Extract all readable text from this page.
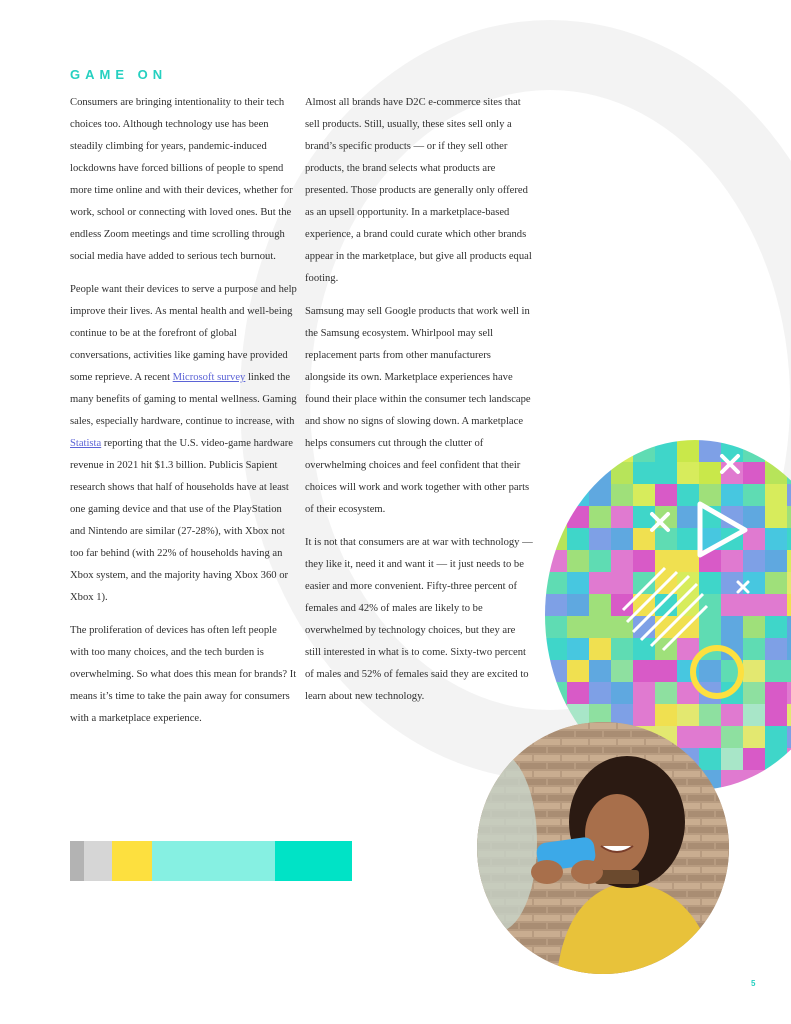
GAME ON

Consumers are bringing intentionality to their tech choices too. Although technology use has been steadily climbing for years, pandemic-induced lockdowns have forced billions of people to spend more time online and with their devices, whether for work, school or connecting with loved ones. But the endless Zoom meetings and time scrolling through social media have added to serious tech burnout.

People want their devices to serve a purpose and help improve their lives. As mental health and well-being continue to be at the forefront of global conversations, activities like gaming have provided some reprieve. A recent Microsoft survey linked the many benefits of gaming to mental wellness. Gaming sales, especially hardware, continue to increase, with Statista reporting that the U.S. video-game hardware revenue in 2021 hit $1.3 billion. Publicis Sapient research shows that half of households have at least one gaming device and that use of the PlayStation and Nintendo are similar (27-28%), with Xbox not too far behind (with 22% of households having an Xbox system, and the majority having Xbox 360 or Xbox 1).

The proliferation of devices has often left people with too many choices, and the tech burden is overwhelming. So what does this mean for brands? It means it’s time to take the pain away for consumers with a marketplace experience.

Almost all brands have D2C e-commerce sites that sell products. Still, usually, these sites sell only a brand’s specific products — or if they sell other products, the brand selects what products are presented. Those products are generally only offered as an upsell opportunity. In a marketplace-based experience, a brand could curate which other brands appear in the marketplace, but give all products equal footing.

Samsung may sell Google products that work well in the Samsung ecosystem. Whirlpool may sell replacement parts from other manufacturers alongside its own. Marketplace experiences have found their place within the consumer tech landscape and show no signs of slowing down. A marketplace helps consumers cut through the clutter of overwhelming choices and feel confident that their choices will work and work together with other parts of their ecosystem.

It is not that consumers are at war with technology — they like it, need it and want it — it just needs to be easier and more convenient. Fifty-three percent of females and 42% of males are likely to be overwhelmed by technology choices, but they are still interested in what is to come. Sixty-two percent of males and 52% of females said they are excited to learn about new technology.

5
